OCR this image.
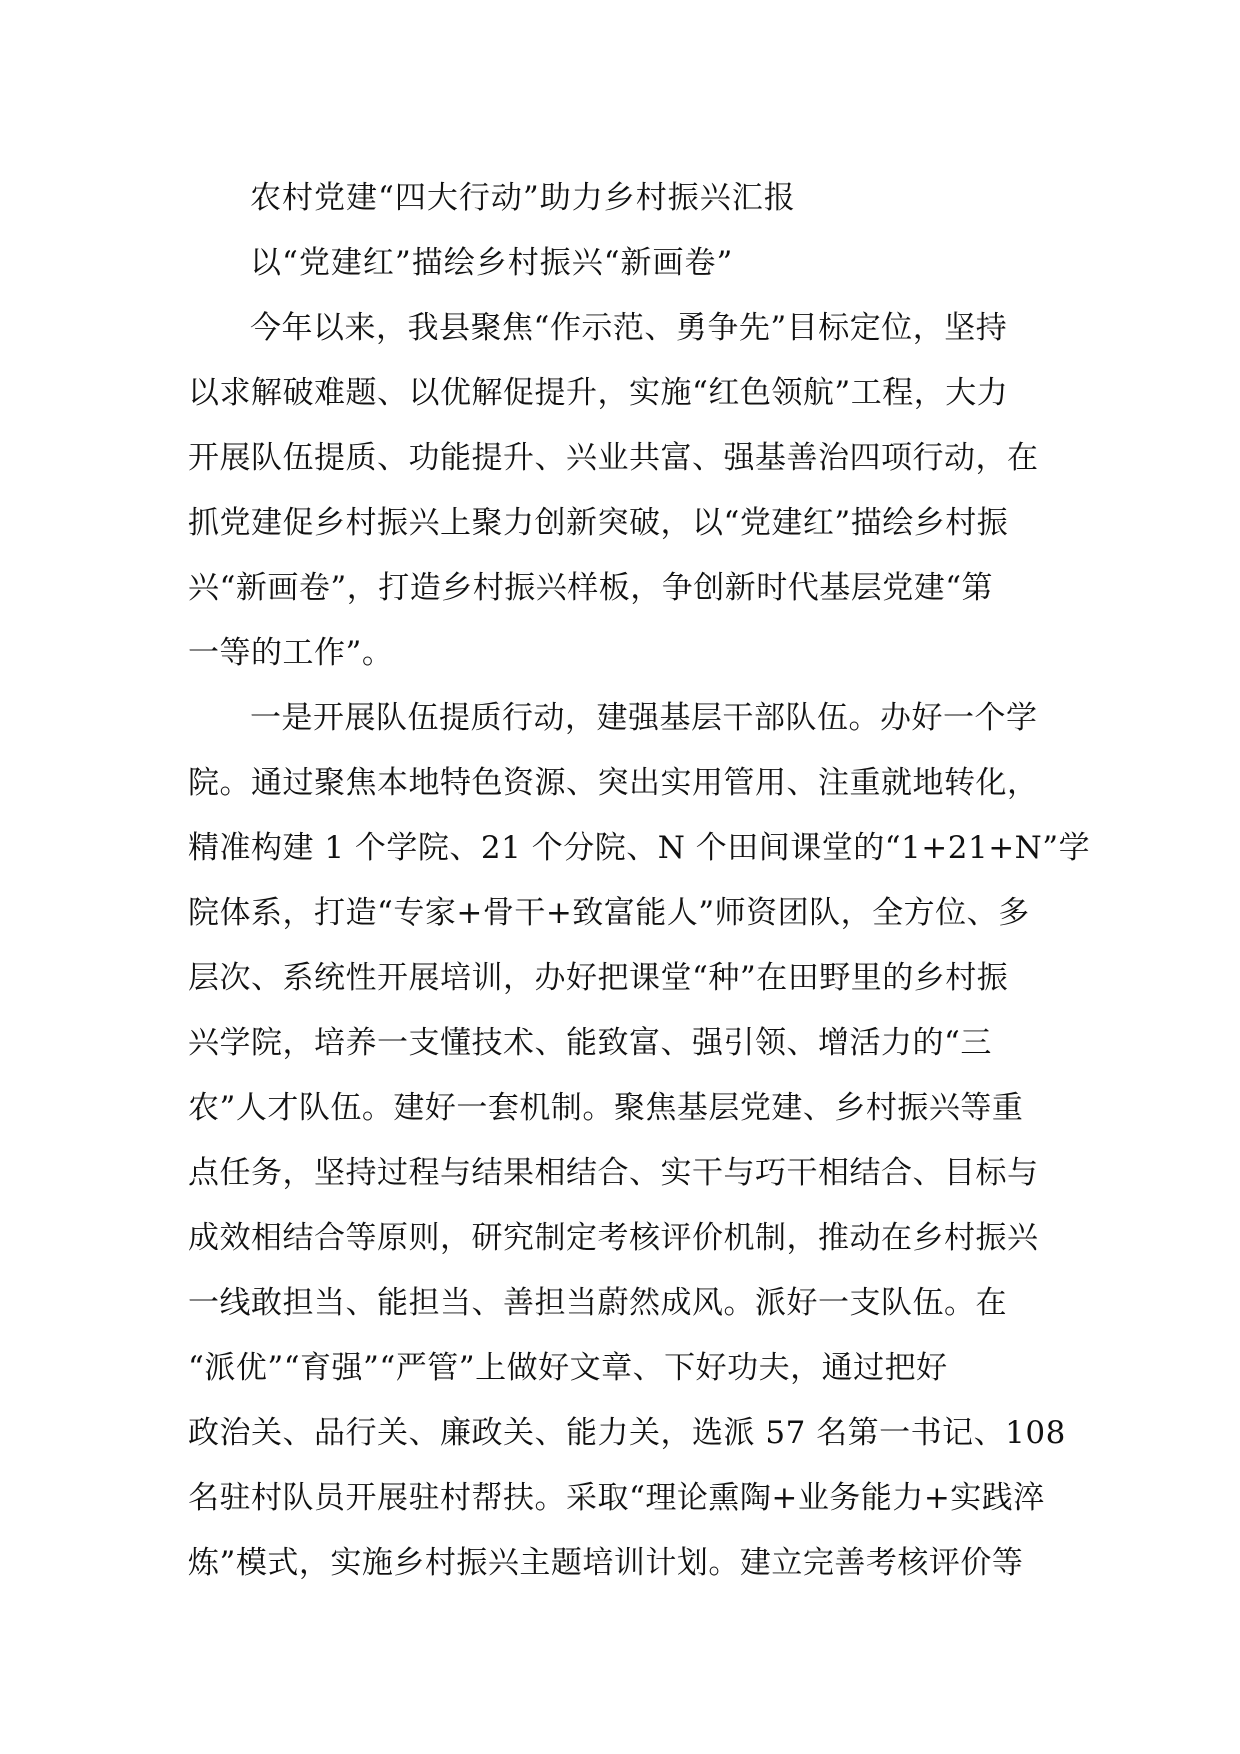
农村党建“四大行动”助力乡村振兴汇报
以“党建红”描绘乡村振兴“新画卷”

今年以来，我县聚焦“作示范、勇争先”目标定位，坚持

以求解破难题、以优解促提升，实施“红色领航”工程，大力

开展队伍提质、功能提升、兴业共富、强基善治四项行动，在

抓党建促乡村振兴上聚力创新突破，以“党建红”描绘乡村振

兴“新画卷”，打造乡村振兴样板，争创新时代基层党建“第

一等的工作”。

一是开展队伍提质行动，建强基层干部队伍。办好一个学

院。通过聚焦本地特色资源、突出实用管用、注重就地转化，

精准构建 1 个学院、21 个分院、N 个田间课堂的“1+21+N”学

院体系，打造“专家+骨干+致富能人”师资团队，全方位、多

层次、系统性开展培训，办好把课堂“种”在田野里的乡村振

兴学院，培养一支懂技术、能致富、强引领、增活力的“三

农”人才队伍。建好一套机制。聚焦基层党建、乡村振兴等重

点任务，坚持过程与结果相结合、实干与巧干相结合、目标与

成效相结合等原则，研究制定考核评价机制，推动在乡村振兴

一线敢担当、能担当、善担当蔚然成风。派好一支队伍。在

“派优”“育强”“严管”上做好文章、下好功夫，通过把好

政治关、品行关、廉政关、能力关，选派 57 名第一书记、108

名驻村队员开展驻村帮扶。采取“理论熏陶+业务能力+实践淬

炼”模式，实施乡村振兴主题培训计划。建立完善考核评价等
